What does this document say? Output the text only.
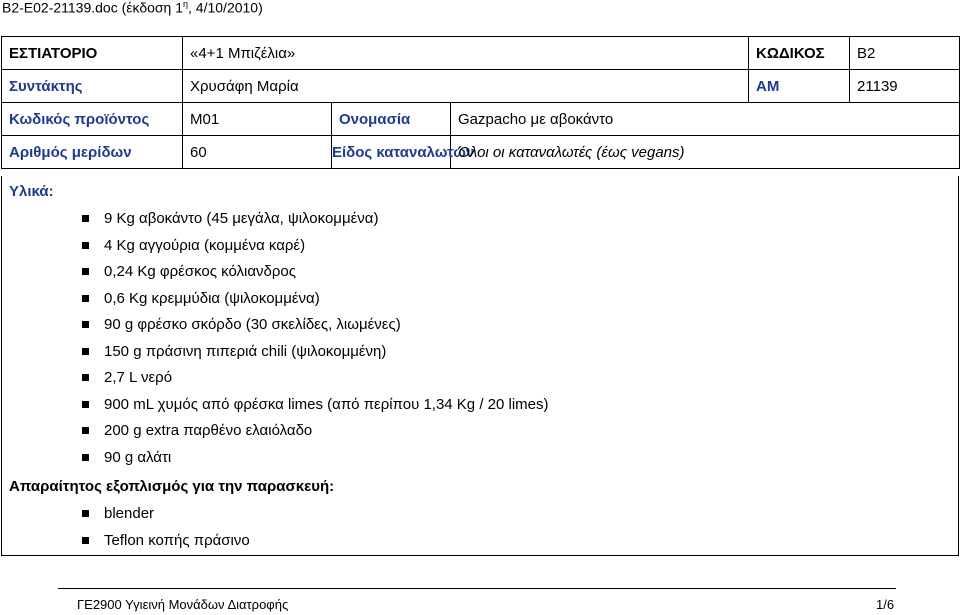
B2-E02-21139.doc (έκδοση $1^\eta$, 4/10/2010)
ΕΣΤΙΑΤΟΡΙΟ	«4+1 Μπιζέλια»			ΚΩΔΙΚΟΣ	B2
Συντάκτης	Χρυσάφη Μαρία			ΑΜ	21139
Κωδικός προϊόντος	M01	Ονομασία	Gazpacho με αβοκάντο		
Αριθμός μερίδων	60	Είδος καταναλωτών	Όλοι οι καταναλωτές (έως vegans)		
Υλικά:
9 Kg αβοκάντο (45 μεγάλα, ψιλοκομμένα)
4 Kg αγγούρια (κομμένα καρέ)
0,24 Kg φρέσκος κόλιανδρος
0,6 Kg κρεμμύδια (ψιλοκομμένα)
90 g φρέσκο σκόρδο (30 σκελίδες, λιωμένες)
150 g πράσινη πιπεριά chili (ψιλοκομμένη)
2,7 L νερό
900 mL χυμός από φρέσκα limes (από περίπου 1,34 Kg / 20 limes)
200 g extra παρθένο ελαιόλαδο
90 g αλάτι
Απαραίτητος εξοπλισμός για την παρασκευή:
blender
Teflon κοπής πράσινο
ΓΕ2900 Υγιεινή Μονάδων Διατροφής	1/6
